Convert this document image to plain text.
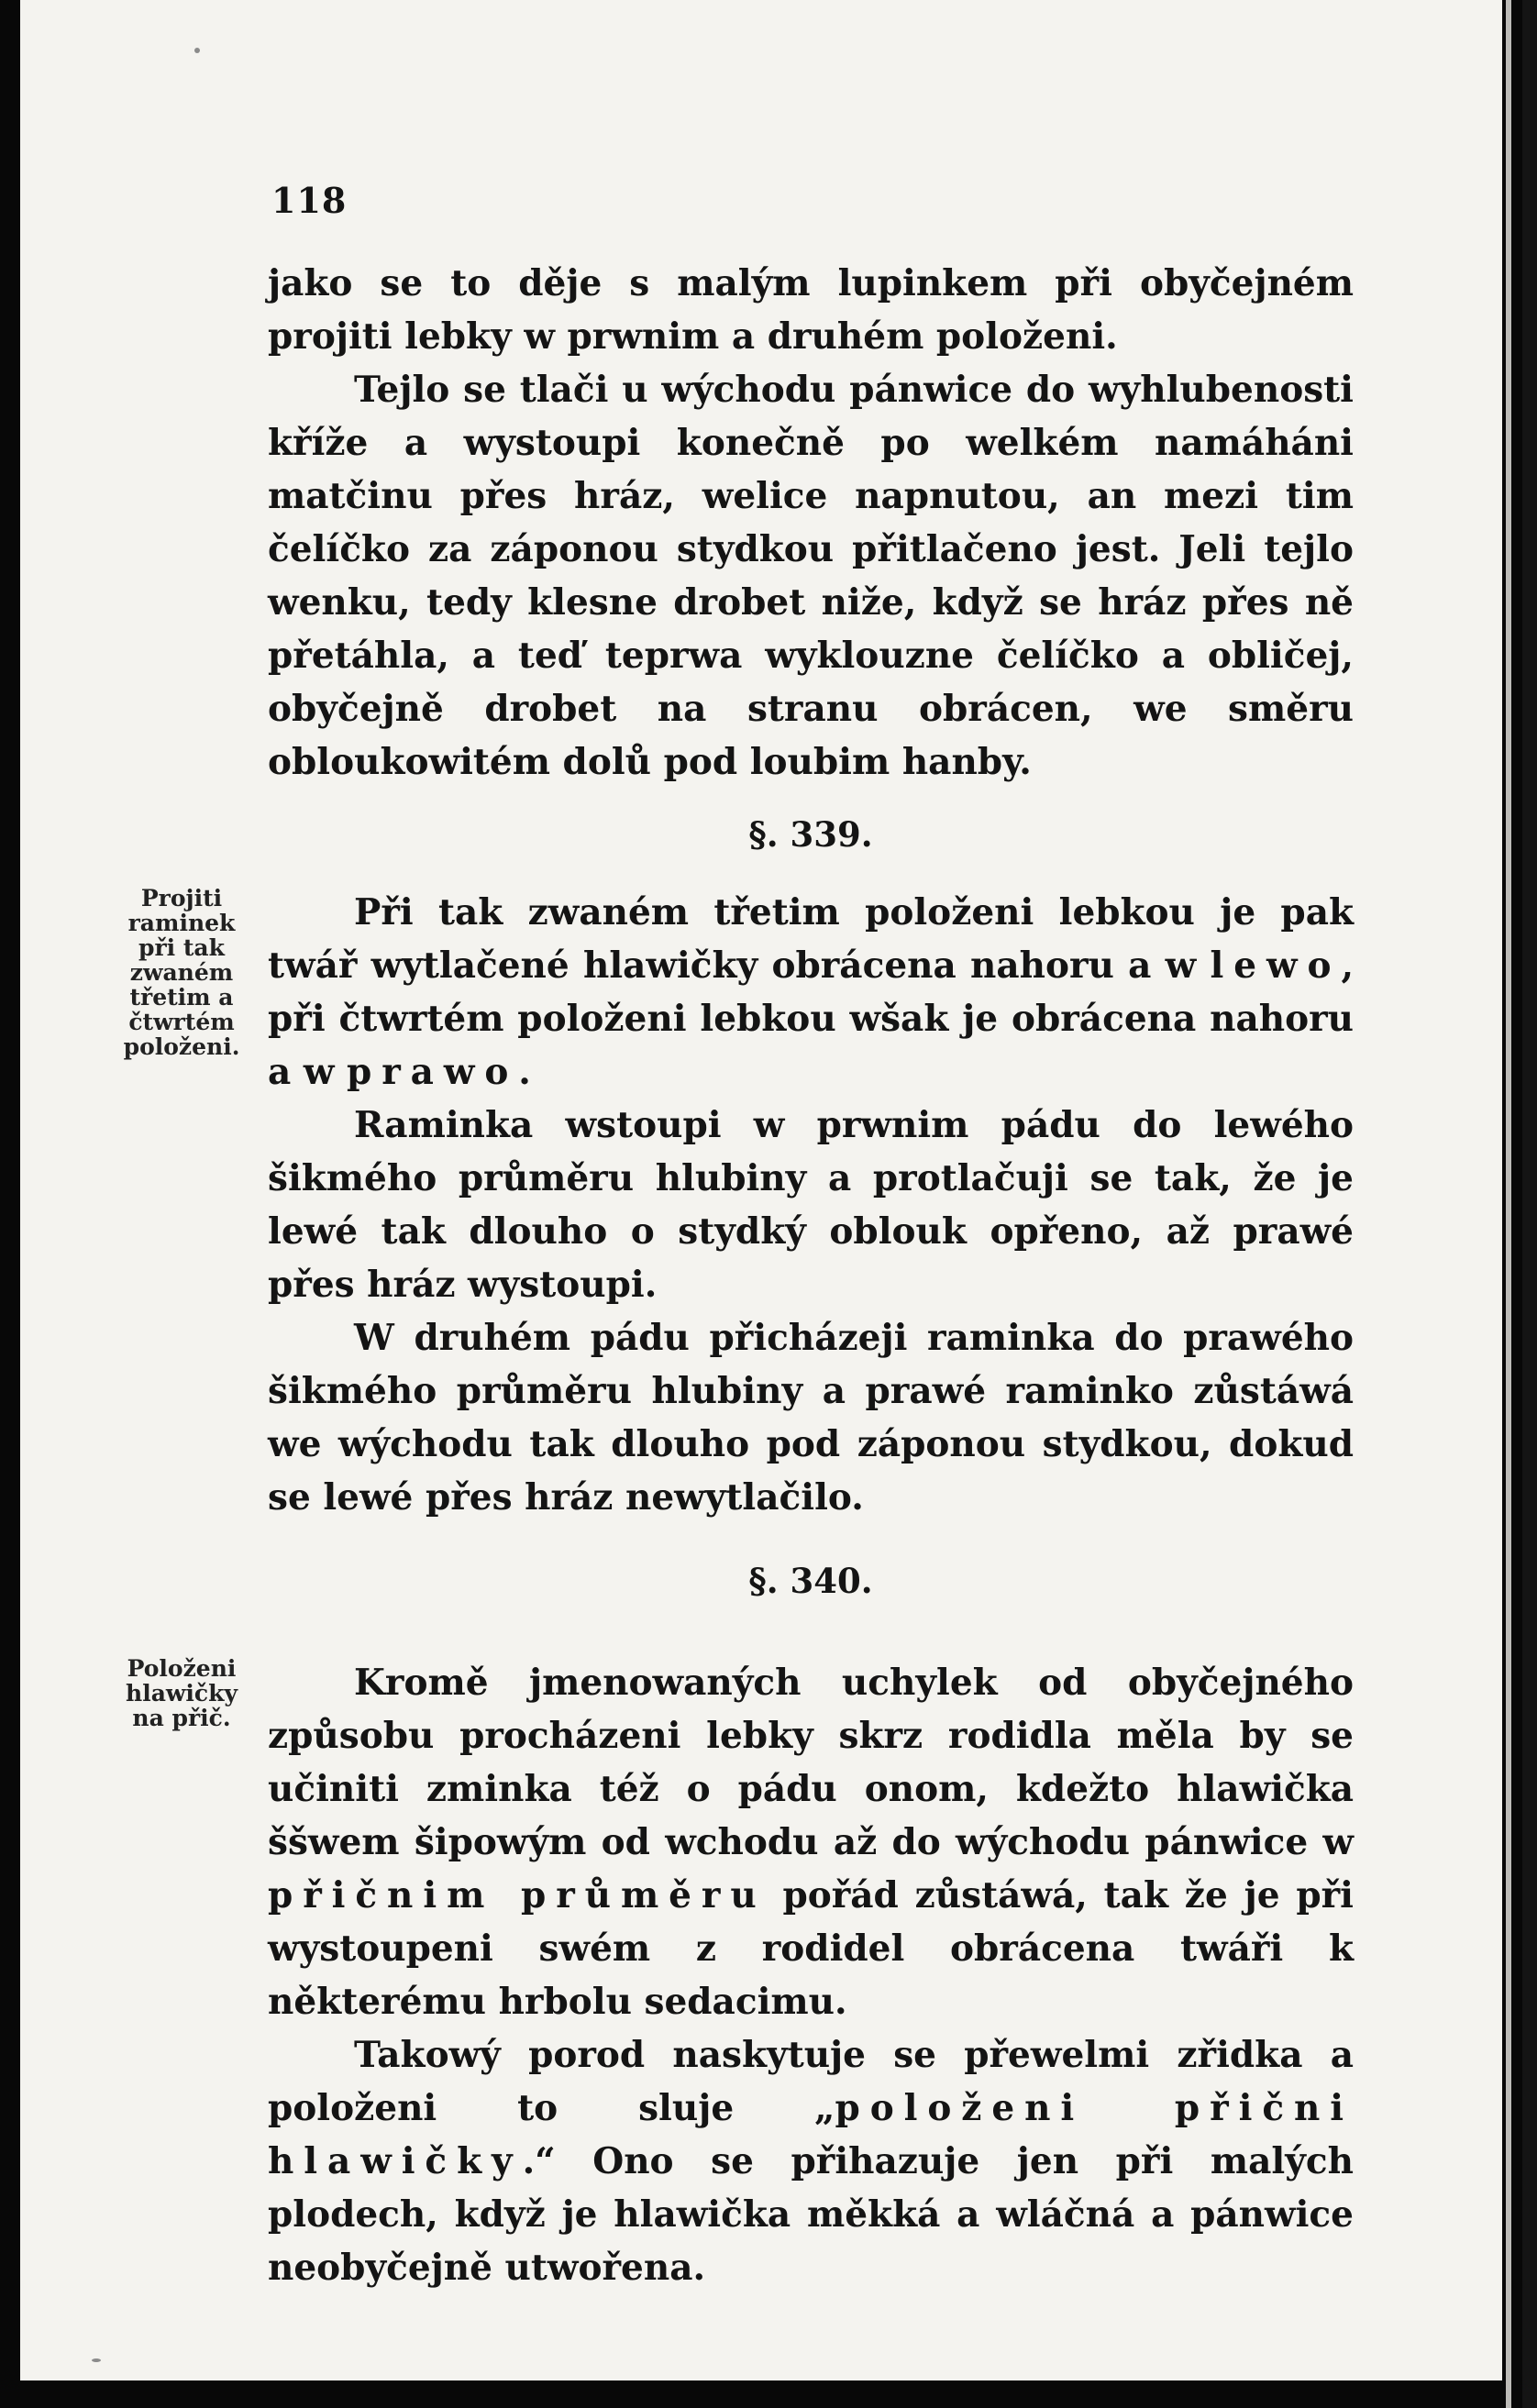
118

jako se to děje s malým lupinkem při obyčejném projiti lebky w prwnim a druhém položeni.

Tejlo se tlači u wýchodu pánwice do wyhlubenosti kříže a wystoupi konečně po welkém namáháni matčinu přes hráz, welice napnutou, an mezi tim čelíčko za záponou stydkou přitlačeno jest. Jeli tejlo wenku, tedy klesne drobet niže, když se hráz přes ně přetáhla, a teď teprwa wyklouzne čelíčko a obličej, obyčejně drobet na stranu obrácen, we směru obloukowitém dolů pod loubim hanby.

§. 339.
Projiti raminek při tak zwaném třetim a čtwrtém položeni.

Při tak zwaném třetim položeni lebkou je pak twář wytlačené hlawičky obrácena nahoru a w lewo, při čtwrtém položeni lebkou wšak je obrácena nahoru a w prawo.

Raminka wstoupi w prwnim pádu do lewého šikmého průměru hlubiny a protlačuji se tak, že je lewé tak dlouho o stydký oblouk opřeno, až prawé přes hráz wystoupi.

W druhém pádu přicházeji raminka do prawého šikmého průměru hlubiny a prawé raminko zůstáwá we wýchodu tak dlouho pod záponou stydkou, dokud se lewé přes hráz newytlačilo.

§. 340.
Položeni hlawičky na přič.

Kromě jmenowaných uchylek od obyčejného způsobu procházeni lebky skrz rodidla měla by se učiniti zminka též o pádu onom, kdežto hlawička ššwem šipowým od wchodu až do wýchodu pánwice w přičnim průměru pořád zůstáwá, tak že je při wystoupeni swém z rodidel obrácena twáři k některému hrbolu sedacimu.

Takowý porod naskytuje se přewelmi zřidka a položeni to sluje „položeni přični hlawičky.“ Ono se přihazuje jen při malých plodech, když je hlawička měkká a wláčná a pánwice neobyčejně utwořena.
